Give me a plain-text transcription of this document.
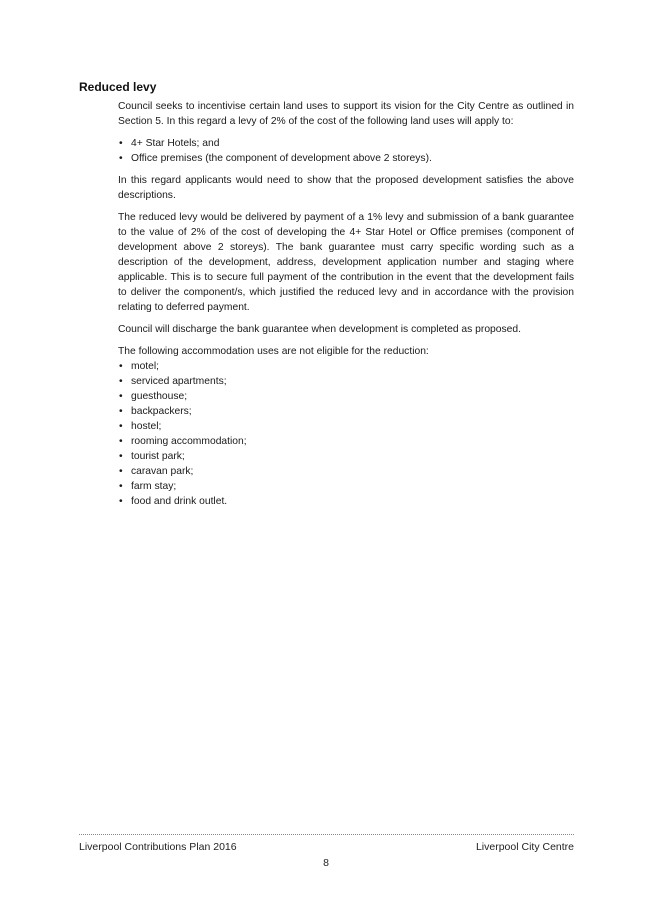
Reduced levy

Council seeks to incentivise certain land uses to support its vision for the City Centre as outlined in Section 5. In this regard a levy of 2% of the cost of the following land uses will apply to:

• 4+ Star Hotels; and
• Office premises (the component of development above 2 storeys).

In this regard applicants would need to show that the proposed development satisfies the above descriptions.

The reduced levy would be delivered by payment of a 1% levy and submission of a bank guarantee to the value of 2% of the cost of developing the 4+ Star Hotel or Office premises (component of development above 2 storeys). The bank guarantee must carry specific wording such as a description of the development, address, development application number and staging where applicable. This is to secure full payment of the contribution in the event that the development fails to deliver the component/s, which justified the reduced levy and in accordance with the provision relating to deferred payment.

Council will discharge the bank guarantee when development is completed as proposed.

The following accommodation uses are not eligible for the reduction:

• motel;
• serviced apartments;
• guesthouse;
• backpackers;
• hostel;
• rooming accommodation;
• tourist park;
• caravan park;
• farm stay;
• food and drink outlet.
Liverpool Contributions Plan 2016	Liverpool City Centre
8
